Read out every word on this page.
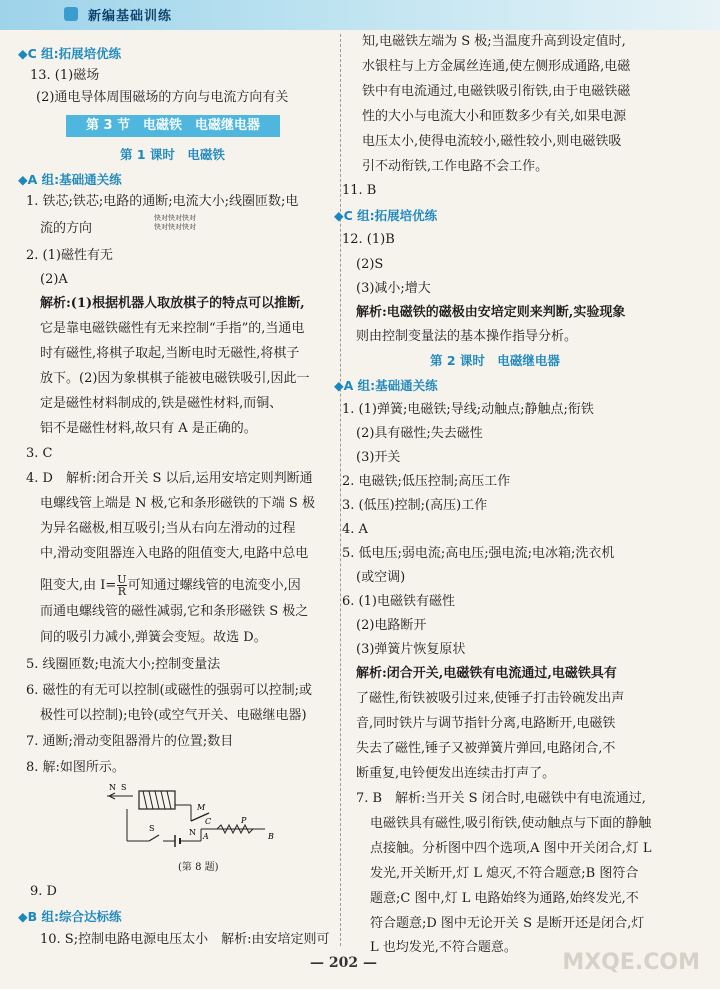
新编基础训练
◆C 组:拓展培优练
13. (1)磁场
(2)通电导体周围磁场的方向与电流方向有关
第 3 节　电磁铁　电磁继电器
第 1 课时　电磁铁
◆A 组:基础通关练
1. 铁芯;铁芯;电路的通断;电流大小;线圈匝数;电
流的方向
快对快对快对
快对快对快对
2. (1)磁性有无
(2)A
解析:(1)根据机器人取放棋子的特点可以推断,
它是靠电磁铁磁性有无来控制“手指”的,当通电
时有磁性,将棋子取起,当断电时无磁性,将棋子
放下。(2)因为象棋棋子能被电磁铁吸引,因此一
定是磁性材料制成的,铁是磁性材料,而铜、
铝不是磁性材料,故只有 A 是正确的。
3. C
4. D　解析:闭合开关 S 以后,运用安培定则判断通
电螺线管上端是 N 极,它和条形磁铁的下端 S 极
为异名磁极,相互吸引;当从右向左滑动的过程
中,滑动变阻器连入电路的阻值变大,电路中总电
阻变大,由 $I= \frac{U}{R}$ 可知通过螺线管的电流变小,因
而通电螺线管的磁性减弱,它和条形磁铁 S 极之
间的吸引力减小,弹簧会变短。故选 D。
5. 线圈匝数;电流大小;控制变量法
6. 磁性的有无可以控制(或磁性的强弱可以控制;或
极性可以控制);电铃(或空气开关、电磁继电器)
7. 通断;滑动变阻器滑片的位置;数目
8. 解:如图所示。
N S
M
C	P
S	N A	B
(第 8 题)
9. D
◆B 组:综合达标练
10. S;控制电路电源电压太小　解析:由安培定则可
知,电磁铁左端为 S 极;当温度升高到设定值时,
水银柱与上方金属丝连通,使左侧形成通路,电磁
铁中有电流通过,电磁铁吸引衔铁,由于电磁铁磁
性的大小与电流大小和匝数多少有关,如果电源
电压太小,使得电流较小,磁性较小,则电磁铁吸
引不动衔铁,工作电路不会工作。
11. B
◆C 组:拓展培优练
12. (1)B
(2)S
(3)减小;增大
解析:电磁铁的磁极由安培定则来判断,实验现象
则由控制变量法的基本操作指导分析。
第 2 课时　电磁继电器
◆A 组:基础通关练
1. (1)弹簧;电磁铁;导线;动触点;静触点;衔铁
(2)具有磁性;失去磁性
(3)开关
2. 电磁铁;低压控制;高压工作
3. (低压)控制;(高压)工作
4. A
5. 低电压;弱电流;高电压;强电流;电冰箱;洗衣机
(或空调)
6. (1)电磁铁有磁性
(2)电路断开
(3)弹簧片恢复原状
解析:闭合开关,电磁铁有电流通过,电磁铁具有
了磁性,衔铁被吸引过来,使锤子打击铃碗发出声
音,同时铁片与调节指针分离,电路断开,电磁铁
失去了磁性,锤子又被弹簧片弹回,电路闭合,不
断重复,电铃便发出连续击打声了。
7. B　解析:当开关 S 闭合时,电磁铁中有电流通过,
电磁铁具有磁性,吸引衔铁,使动触点与下面的静触
点接触。分析图中四个选项,A 图中开关闭合,灯 L
发光,开关断开,灯 L 熄灭,不符合题意;B 图符合
题意;C 图中,灯 L 电路始终为通路,始终发光,不
符合题意;D 图中无论开关 S 是断开还是闭合,灯
L 也均发光,不符合题意。
— 202 —	MXQE.COM
